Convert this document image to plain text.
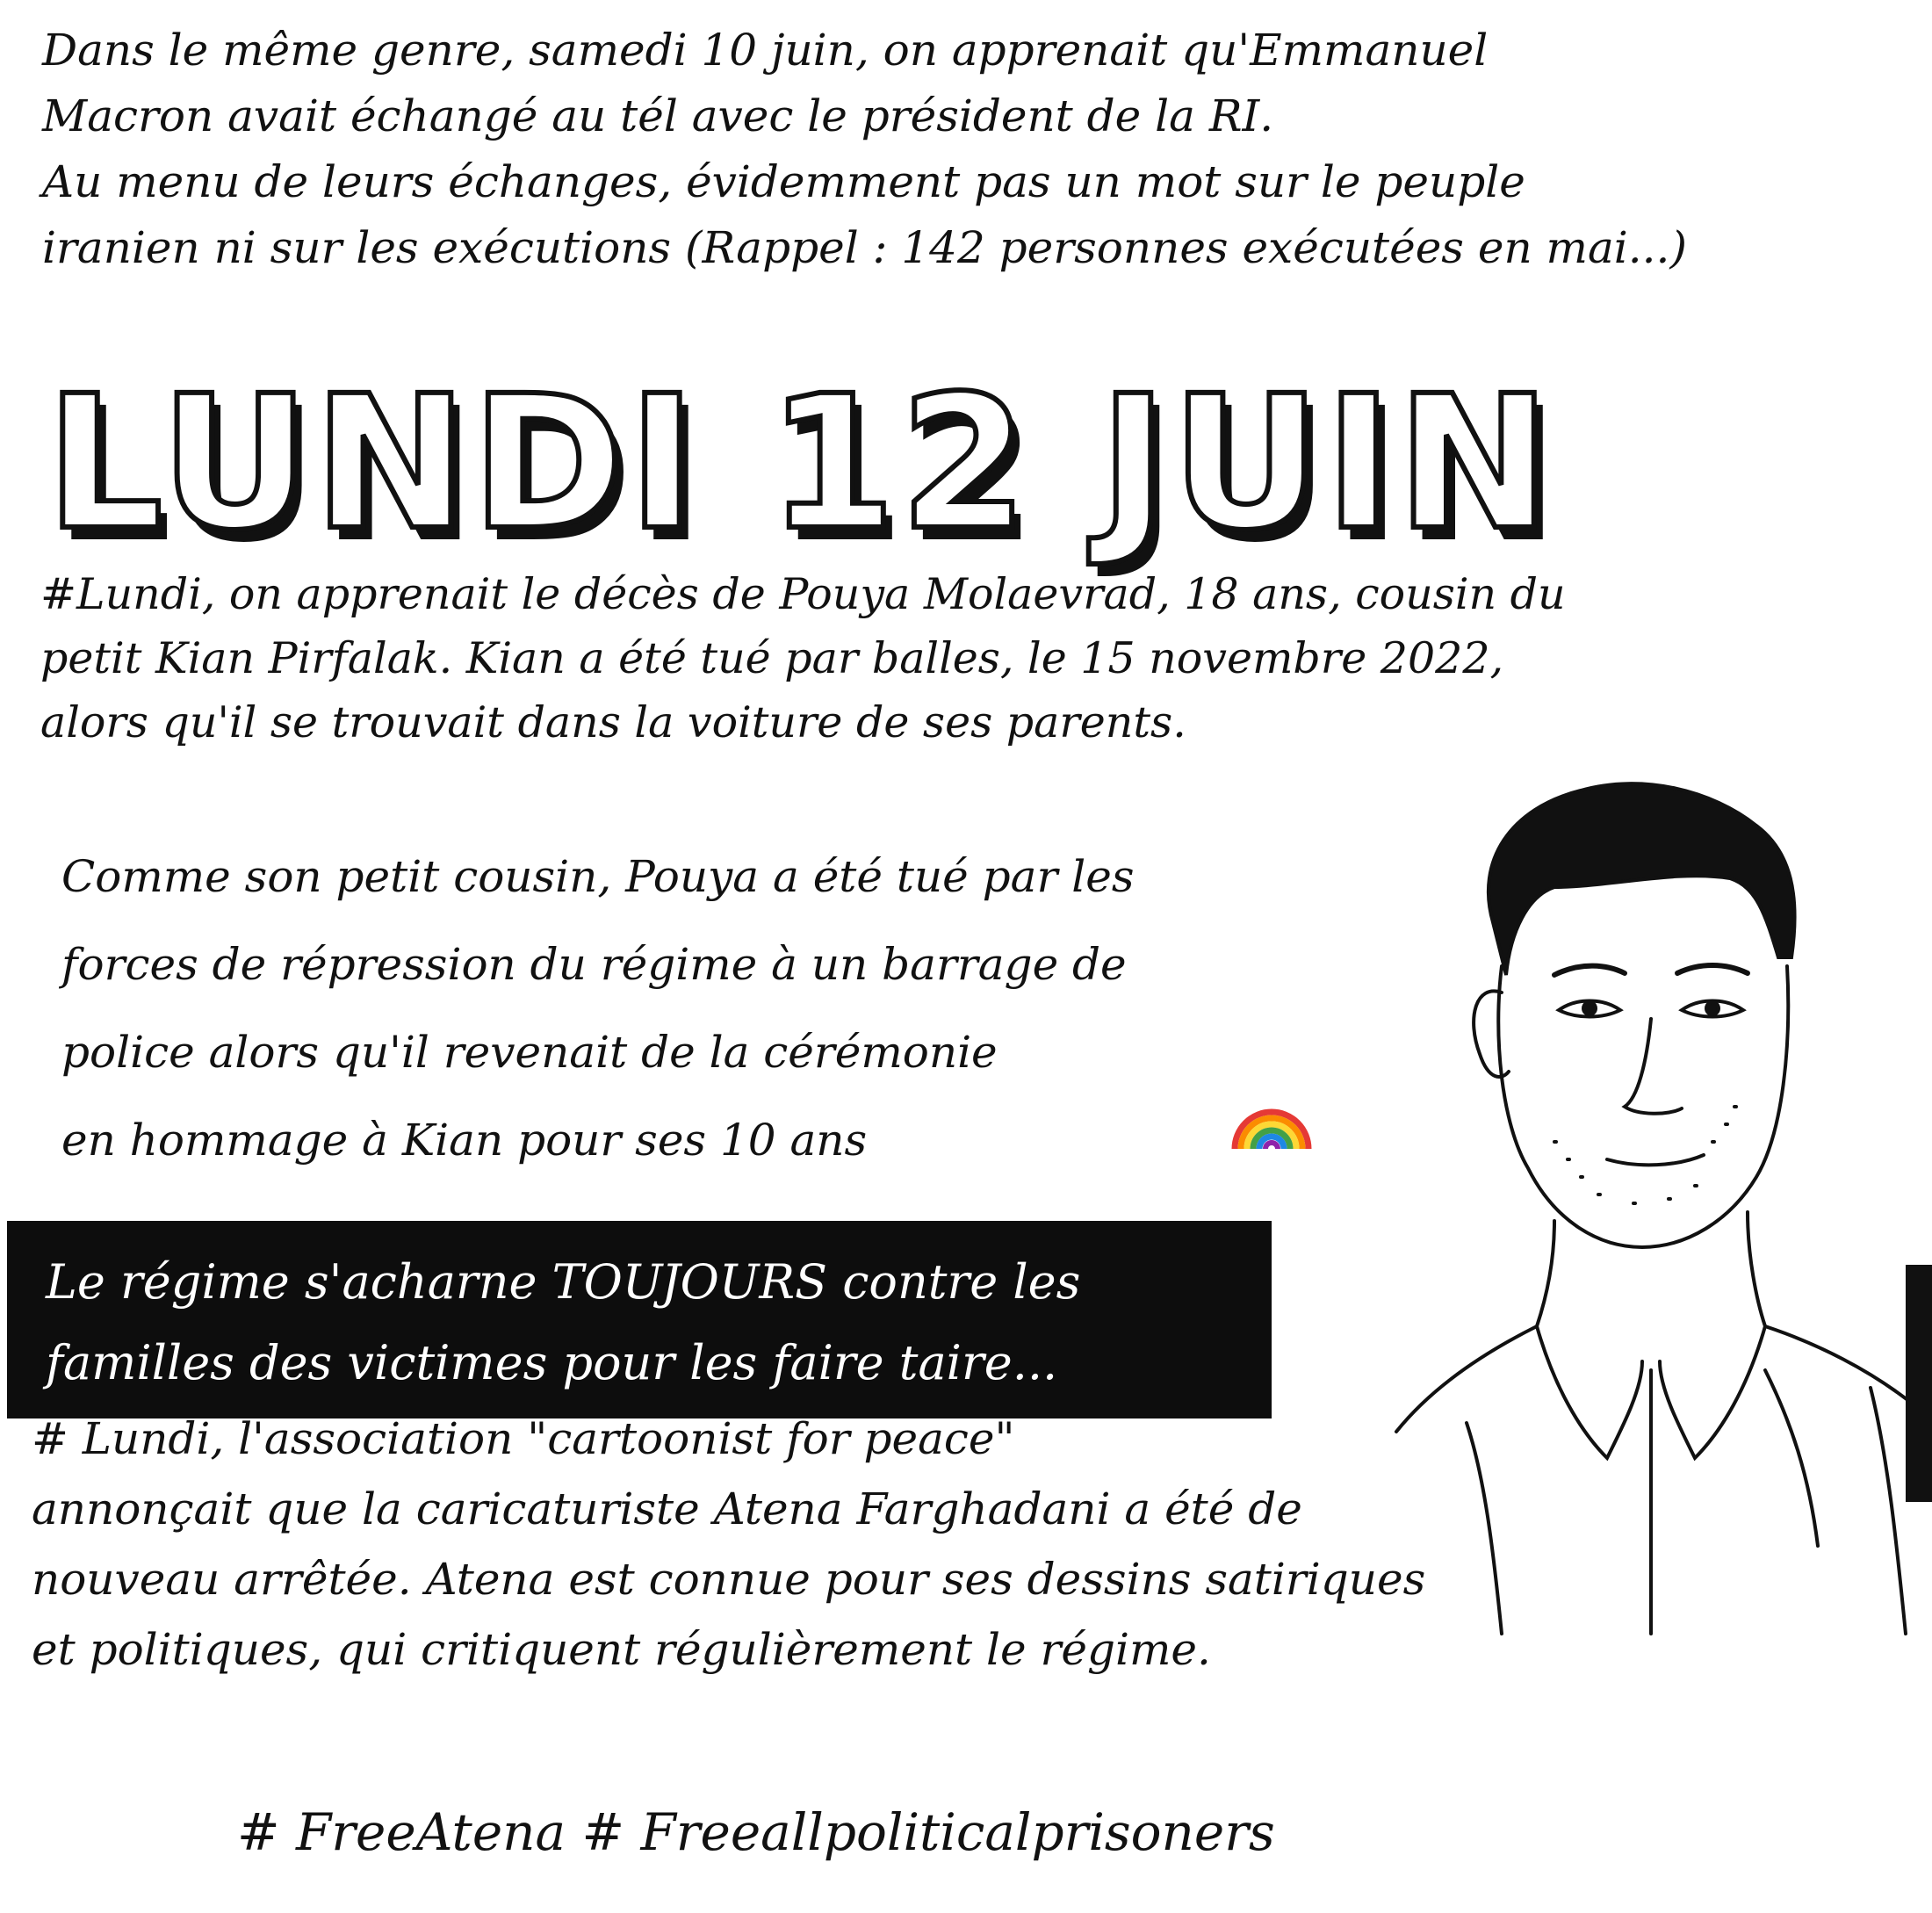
Dans le même genre, samedi 10 juin, on apprenait qu'Emmanuel
Macron avait échangé au tél avec le président de la RI.
Au menu de leurs échanges, évidemment pas un mot sur le peuple
iranien ni sur les exécutions (Rappel : 142 personnes exécutées en mai...)
LUNDI 12 JUIN
#Lundi, on apprenait le décès de Pouya Molaevrad, 18 ans, cousin du
petit Kian Pirfalak. Kian a été tué par balles, le 15 novembre 2022,
alors qu'il se trouvait dans la voiture de ses parents.
Comme son petit cousin, Pouya a été tué par les
forces de répression du régime à un barrage de
police alors qu'il revenait de la cérémonie
en hommage à Kian pour ses 10 ans
Le régime s'acharne TOUJOURS contre les
familles des victimes pour les faire taire...
# Lundi, l'association "cartoonist for peace"
annonçait que la caricaturiste Atena Farghadani a été de
nouveau arrêtée. Atena est connue pour ses dessins satiriques
et politiques, qui critiquent régulièrement le régime.
# FreeAtena # Freeallpoliticalprisoners
